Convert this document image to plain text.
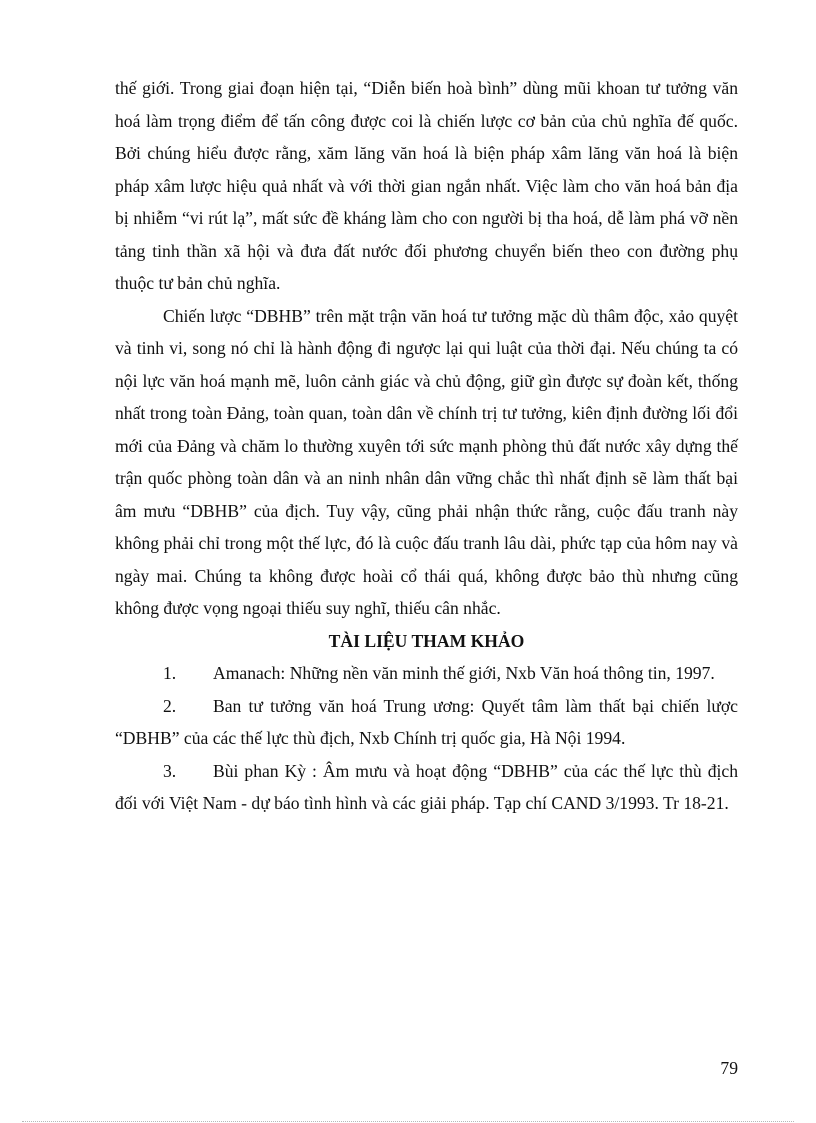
thế giới. Trong giai đoạn hiện tại, “Diễn biến hoà bình” dùng mũi khoan tư tưởng văn hoá làm trọng điểm để tấn công được coi là chiến lược cơ bản của chủ nghĩa đế quốc. Bởi chúng hiểu được rằng, xăm lăng văn hoá là biện pháp xâm lăng văn hoá là biện pháp xâm lược hiệu quả nhất và với thời gian ngắn nhất. Việc làm cho văn hoá bản địa bị nhiễm “vi rút lạ”, mất sức đề kháng làm cho con người bị tha hoá, dễ làm phá vỡ nền tảng tinh thần xã hội và đưa đất nước đối phương chuyển biến theo con đường phụ thuộc tư bản chủ nghĩa.

Chiến lược “DBHB” trên mặt trận văn hoá tư tưởng mặc dù thâm độc, xảo quyệt và tinh vi, song nó chỉ là hành động đi ngược lại qui luật của thời đại. Nếu chúng ta có nội lực văn hoá mạnh mẽ, luôn cảnh giác và chủ động, giữ gìn được sự đoàn kết, thống nhất trong toàn Đảng, toàn quan, toàn dân về chính trị tư tưởng, kiên định đường lối đổi mới của Đảng và chăm lo thường xuyên tới sức mạnh phòng thủ đất nước xây dựng thế trận quốc phòng toàn dân và an ninh nhân dân vững chắc thì nhất định sẽ làm thất bại âm mưu “DBHB” của địch. Tuy vậy, cũng phải nhận thức rằng, cuộc đấu tranh này không phải chỉ trong một thế lực, đó là cuộc đấu tranh lâu dài, phức tạp của hôm nay và ngày mai. Chúng ta không được hoài cổ thái quá, không được bảo thù nhưng cũng không được vọng ngoại thiếu suy nghĩ, thiếu cân nhắc.

TÀI LIỆU THAM KHẢO

1. Amanach: Những nền văn minh thế giới, Nxb Văn hoá thông tin, 1997.

2. Ban tư tưởng văn hoá Trung ương: Quyết tâm làm thất bại chiến lược “DBHB” của các thế lực thù địch, Nxb Chính trị quốc gia, Hà Nội 1994.

3. Bùi phan Kỳ : Âm mưu và hoạt động “DBHB” của các thế lực thù địch đối với Việt Nam - dự báo tình hình và các giải pháp. Tạp chí CAND 3/1993. Tr 18-21.

79
